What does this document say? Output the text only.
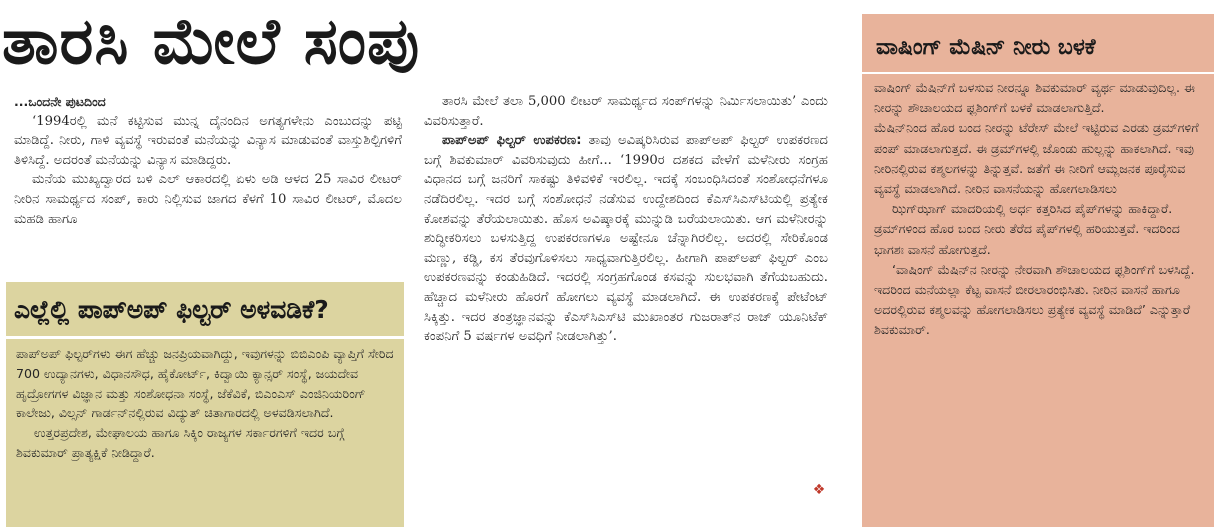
ತಾರಸಿ ಮೇಲೆ ಸಂಪು
...ಒಂದನೇ ಪುಟದಿಂದ

‘1994ರಲ್ಲಿ ಮನೆ ಕಟ್ಟಿಸುವ ಮುನ್ನ ದೈನಂದಿನ ಅಗತ್ಯಗಳೇನು ಎಂಬುದನ್ನು ಪಟ್ಟಿ ಮಾಡಿದ್ದೆ. ನೀರು, ಗಾಳಿ ವ್ಯವಸ್ಥೆ ಇರುವಂತೆ ಮನೆಯನ್ನು ವಿನ್ಯಾಸ ಮಾಡುವಂತೆ ವಾಸ್ತುಶಿಲ್ಪಿಗಳಿಗೆ ತಿಳಿಸಿದ್ದೆ. ಅದರಂತೆ ಮನೆಯನ್ನು ವಿನ್ಯಾಸ ಮಾಡಿದ್ದರು.

ಮನೆಯ ಮುಖ್ಯದ್ವಾರದ ಬಳಿ ಎಲ್ ಆಕಾರದಲ್ಲಿ ಏಳು ಅಡಿ ಆಳದ 25 ಸಾವಿರ ಲೀಟರ್ ನೀರಿನ ಸಾಮರ್ಥ್ಯದ ಸಂಪ್, ಕಾರು ನಿಲ್ಲಿಸುವ ಜಾಗದ ಕೆಳಗೆ 10 ಸಾವಿರ ಲೀಟರ್, ಮೊದಲ ಮಹಡಿ ಹಾಗೂ

ಎಲ್ಲೆಲ್ಲಿ ಪಾಪ್‌ಅಪ್ ಫಿಲ್ಟರ್ ಅಳವಡಿಕೆ?

ಪಾಪ್‌ಅಪ್ ಫಿಲ್ಟರ್‌ಗಳು ಈಗ ಹೆಚ್ಚು ಜನಪ್ರಿಯವಾಗಿದ್ದು, ಇವುಗಳನ್ನು ಬಿಬಿಎಂಪಿ ವ್ಯಾಪ್ತಿಗೆ ಸೇರಿದ 700 ಉದ್ಯಾನಗಳು, ವಿಧಾನಸೌಧ, ಹೈಕೋರ್ಟ್, ಕಿದ್ವಾಯಿ ಕ್ಯಾನ್ಸರ್ ಸಂಸ್ಥೆ, ಜಯದೇವ ಹೃದ್ರೋಗಗಳ ವಿಜ್ಞಾನ ಮತ್ತು ಸಂಶೋಧನಾ ಸಂಸ್ಥೆ, ಜೆಕೆವಿಕೆ, ಬಿಎಂಎಸ್ ಎಂಜಿನಿಯರಿಂಗ್ ಕಾಲೇಜು, ವಿಲ್ಸನ್ ಗಾರ್ಡನ್‌ನಲ್ಲಿರುವ ವಿದ್ಯುತ್ ಚಿತಾಗಾರದಲ್ಲಿ ಅಳವಡಿಸಲಾಗಿದೆ.

ಉತ್ತರಪ್ರದೇಶ, ಮೇಘಾಲಯ ಹಾಗೂ ಸಿಕ್ಕಿಂ ರಾಜ್ಯಗಳ ಸರ್ಕಾರಗಳಿಗೆ ಇದರ ಬಗ್ಗೆ ಶಿವಕುಮಾರ್ ಪ್ರಾತ್ಯಕ್ಷಿಕೆ ನೀಡಿದ್ದಾರೆ.

ತಾರಸಿ ಮೇಲೆ ತಲಾ 5,000 ಲೀಟರ್ ಸಾಮರ್ಥ್ಯದ ಸಂಪ್‌ಗಳನ್ನು ನಿರ್ಮಿಸಲಾಯಿತು’ ಎಂದು ವಿವರಿಸುತ್ತಾರೆ.

ಪಾಪ್‌ಅಪ್ ಫಿಲ್ಟರ್ ಉಪಕರಣ: ತಾವು ಅವಿಷ್ಕರಿಸಿರುವ ಪಾಪ್‌ಅಪ್ ಫಿಲ್ಟರ್ ಉಪಕರಣದ ಬಗ್ಗೆ ಶಿವಕುಮಾರ್ ವಿವರಿಸುವುದು ಹೀಗೆ... ‘1990ರ ದಶಕದ ವೇಳೆಗೆ ಮಳೆನೀರು ಸಂಗ್ರಹ ವಿಧಾನದ ಬಗ್ಗೆ ಜನರಿಗೆ ಸಾಕಷ್ಟು ತಿಳಿವಳಿಕೆ ಇರಲಿಲ್ಲ. ಇದಕ್ಕೆ ಸಂಬಂಧಿಸಿದಂತೆ ಸಂಶೋಧನೆಗಳೂ ನಡೆದಿರಲಿಲ್ಲ. ಇದರ ಬಗ್ಗೆ ಸಂಶೋಧನೆ ನಡೆಸುವ ಉದ್ದೇಶದಿಂದ ಕೆಎಸ್‌ಸಿಎಸ್‌ಟಿಯಲ್ಲಿ ಪ್ರತ್ಯೇಕ ಕೋಶವನ್ನು ತೆರೆಯಲಾಯಿತು. ಹೊಸ ಅವಿಷ್ಕಾರಕ್ಕೆ ಮುನ್ನುಡಿ ಬರೆಯಲಾಯಿತು. ಆಗ ಮಳೆನೀರನ್ನು ಶುದ್ಧೀಕರಿಸಲು ಬಳಸುತ್ತಿದ್ದ ಉಪಕರಣಗಳೂ ಅಷ್ಟೇನೂ ಚೆನ್ನಾಗಿರಲಿಲ್ಲ. ಅದರಲ್ಲಿ ಸೇರಿಕೊಂಡ ಮಣ್ಣು, ಕಡ್ಡಿ, ಕಸ ತೆರವುಗೊಳಿಸಲು ಸಾಧ್ಯವಾಗುತ್ತಿರಲಿಲ್ಲ. ಹೀಗಾಗಿ ಪಾಪ್‌ಅಪ್ ಫಿಲ್ಟರ್ ಎಂಬ ಉಪಕರಣವನ್ನು ಕಂಡುಹಿಡಿದೆ. ಇದರಲ್ಲಿ ಸಂಗ್ರಹಗೊಂಡ ಕಸವನ್ನು ಸುಲಭವಾಗಿ ತೆಗೆಯಬಹುದು. ಹೆಚ್ಚಾದ ಮಳೆನೀರು ಹೊರಗೆ ಹೋಗಲು ವ್ಯವಸ್ಥೆ ಮಾಡಲಾಗಿದೆ. ಈ ಉಪಕರಣಕ್ಕೆ ಪೇಟೆಂಟ್ ಸಿಕ್ಕಿತ್ತು. ಇದರ ತಂತ್ರಜ್ಞಾನವನ್ನು ಕೆಎಸ್‌ಸಿಎಸ್‌ಟಿ ಮುಖಾಂತರ ಗುಜರಾತ್‌ನ ರಾಜ್ ಯೂನಿಟೆಕ್ ಕಂಪನಿಗೆ 5 ವರ್ಷಗಳ ಅವಧಿಗೆ ನೀಡಲಾಗಿತ್ತು’.

❖
ವಾಷಿಂಗ್ ಮೆಷಿನ್ ನೀರು ಬಳಕೆ

ವಾಷಿಂಗ್ ಮೆಷಿನ್‌ಗೆ ಬಳಸುವ ನೀರನ್ನೂ ಶಿವಕುಮಾರ್ ವ್ಯರ್ಥ ಮಾಡುವುದಿಲ್ಲ. ಈ ನೀರನ್ನು ಶೌಚಾಲಯದ ಫ್ಲಶಿಂಗ್‌ಗೆ ಬಳಕೆ ಮಾಡಲಾಗುತ್ತಿದೆ.

ಮೆಷಿನ್‌ನಿಂದ ಹೊರ ಬಂದ ನೀರನ್ನು ಟೆರೇಸ್ ಮೇಲೆ ಇಟ್ಟಿರುವ ಎರಡು ಡ್ರಮ್‌ಗಳಿಗೆ ಪಂಪ್ ಮಾಡಲಾಗುತ್ತದೆ. ಈ ಡ್ರಮ್‌ಗಳಲ್ಲಿ ಜೊಂಡು ಹುಲ್ಲನ್ನು ಹಾಕಲಾಗಿದೆ. ಇವು ನೀರಿನಲ್ಲಿರುವ ಕಶ್ಮಲಗಳನ್ನು ತಿನ್ನುತ್ತವೆ. ಜತೆಗೆ ಈ ನೀರಿಗೆ ಆಮ್ಲಜನಕ ಪೂರೈಸುವ ವ್ಯವಸ್ಥೆ ಮಾಡಲಾಗಿದೆ. ನೀರಿನ ವಾಸನೆಯನ್ನು ಹೋಗಲಾಡಿಸಲು

ಝಿಗ್‌ಝಾಗ್ ಮಾದರಿಯಲ್ಲಿ ಅರ್ಧ ಕತ್ತರಿಸಿದ ಪೈಪ್‌ಗಳನ್ನು ಹಾಕಿದ್ದಾರೆ. ಡ್ರಮ್‌ಗಳಿಂದ ಹೊರ ಬಂದ ನೀರು ತೆರೆದ ಪೈಪ್‌ಗಳಲ್ಲಿ ಹರಿಯುತ್ತವೆ. ಇದರಿಂದ ಭಾಗಶಃ ವಾಸನೆ ಹೋಗುತ್ತದೆ.

‘ವಾಷಿಂಗ್ ಮೆಷಿನ್‌ನ ನೀರನ್ನು ನೇರವಾಗಿ ಶೌಚಾಲಯದ ಫ್ಲಶಿಂಗ್‌ಗೆ ಬಳಸಿದ್ದೆ. ಇದರಿಂದ ಮನೆಯಲ್ಲಾ ಕೆಟ್ಟ ವಾಸನೆ ಬೀರಲಾರಂಭಿಸಿತು. ನೀರಿನ ವಾಸನೆ ಹಾಗೂ ಅದರಲ್ಲಿರುವ ಕಶ್ಮಲವನ್ನು ಹೋಗಲಾಡಿಸಲು ಪ್ರತ್ಯೇಕ ವ್ಯವಸ್ಥೆ ಮಾಡಿದೆ’ ಎನ್ನುತ್ತಾರೆ ಶಿವಕುಮಾರ್.
